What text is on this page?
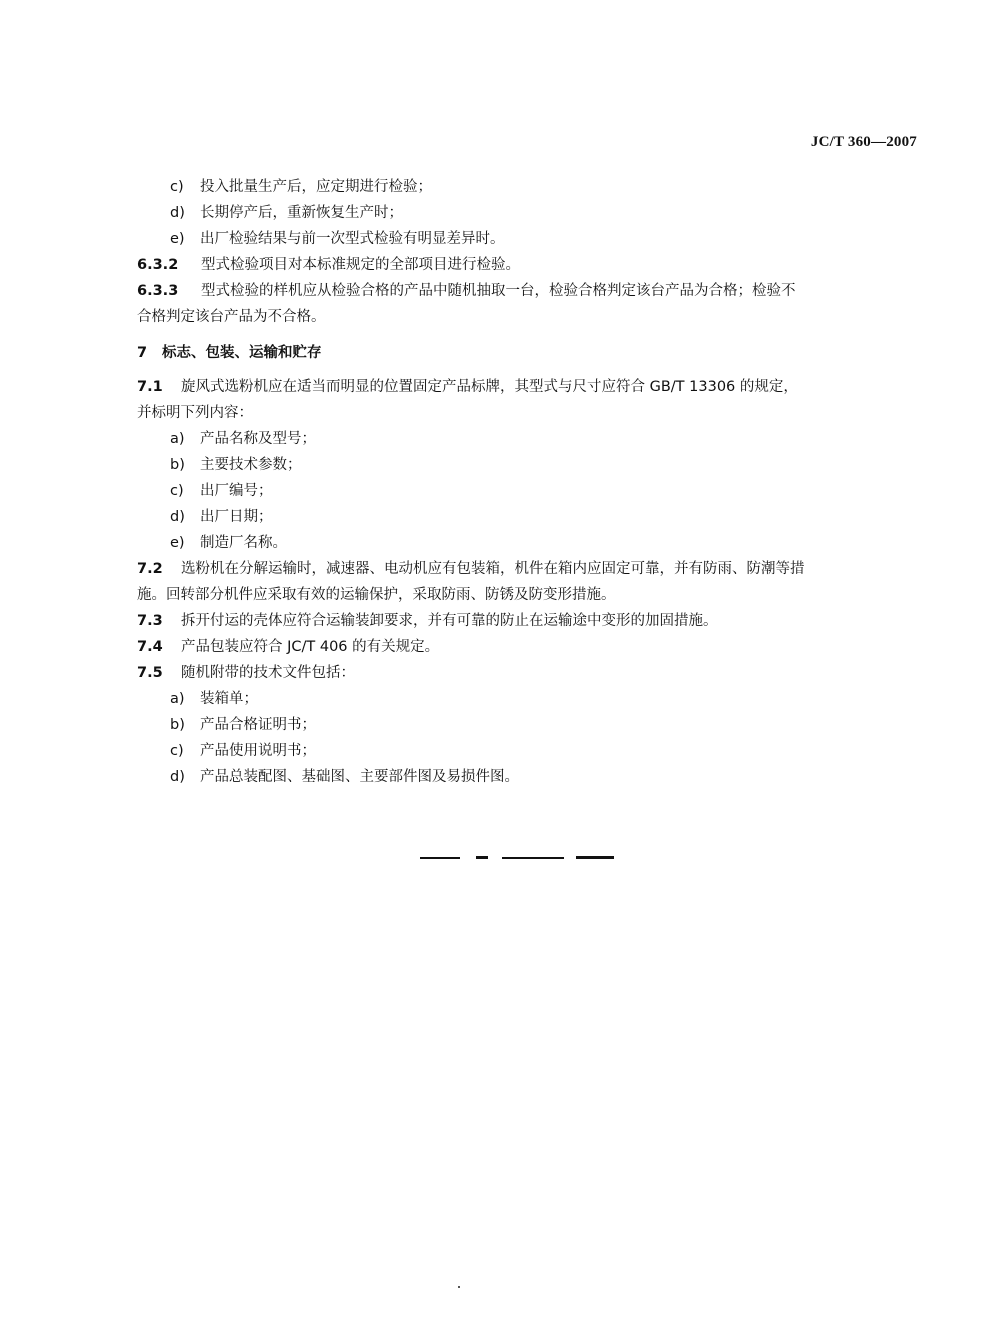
JC/T 360—2007
c) 投入批量生产后，应定期进行检验；
d) 长期停产后，重新恢复生产时；
e) 出厂检验结果与前一次型式检验有明显差异时。
6.3.2 型式检验项目对本标准规定的全部项目进行检验。
6.3.3 型式检验的样机应从检验合格的产品中随机抽取一台，检验合格判定该台产品为合格；检验不
合格判定该台产品为不合格。
7 标志、包装、运输和贮存
7.1 旋风式选粉机应在适当而明显的位置固定产品标牌，其型式与尺寸应符合 GB/T 13306 的规定，
并标明下列内容：
a) 产品名称及型号；
b) 主要技术参数；
c) 出厂编号；
d) 出厂日期；
e) 制造厂名称。
7.2 选粉机在分解运输时，减速器、电动机应有包装箱，机件在箱内应固定可靠，并有防雨、防潮等措
施。回转部分机件应采取有效的运输保护，采取防雨、防锈及防变形措施。
7.3 拆开付运的壳体应符合运输装卸要求，并有可靠的防止在运输途中变形的加固措施。
7.4 产品包装应符合 JC/T 406 的有关规定。
7.5 随机附带的技术文件包括：
a) 装箱单；
b) 产品合格证明书；
c) 产品使用说明书；
d) 产品总装配图、基础图、主要部件图及易损件图。
